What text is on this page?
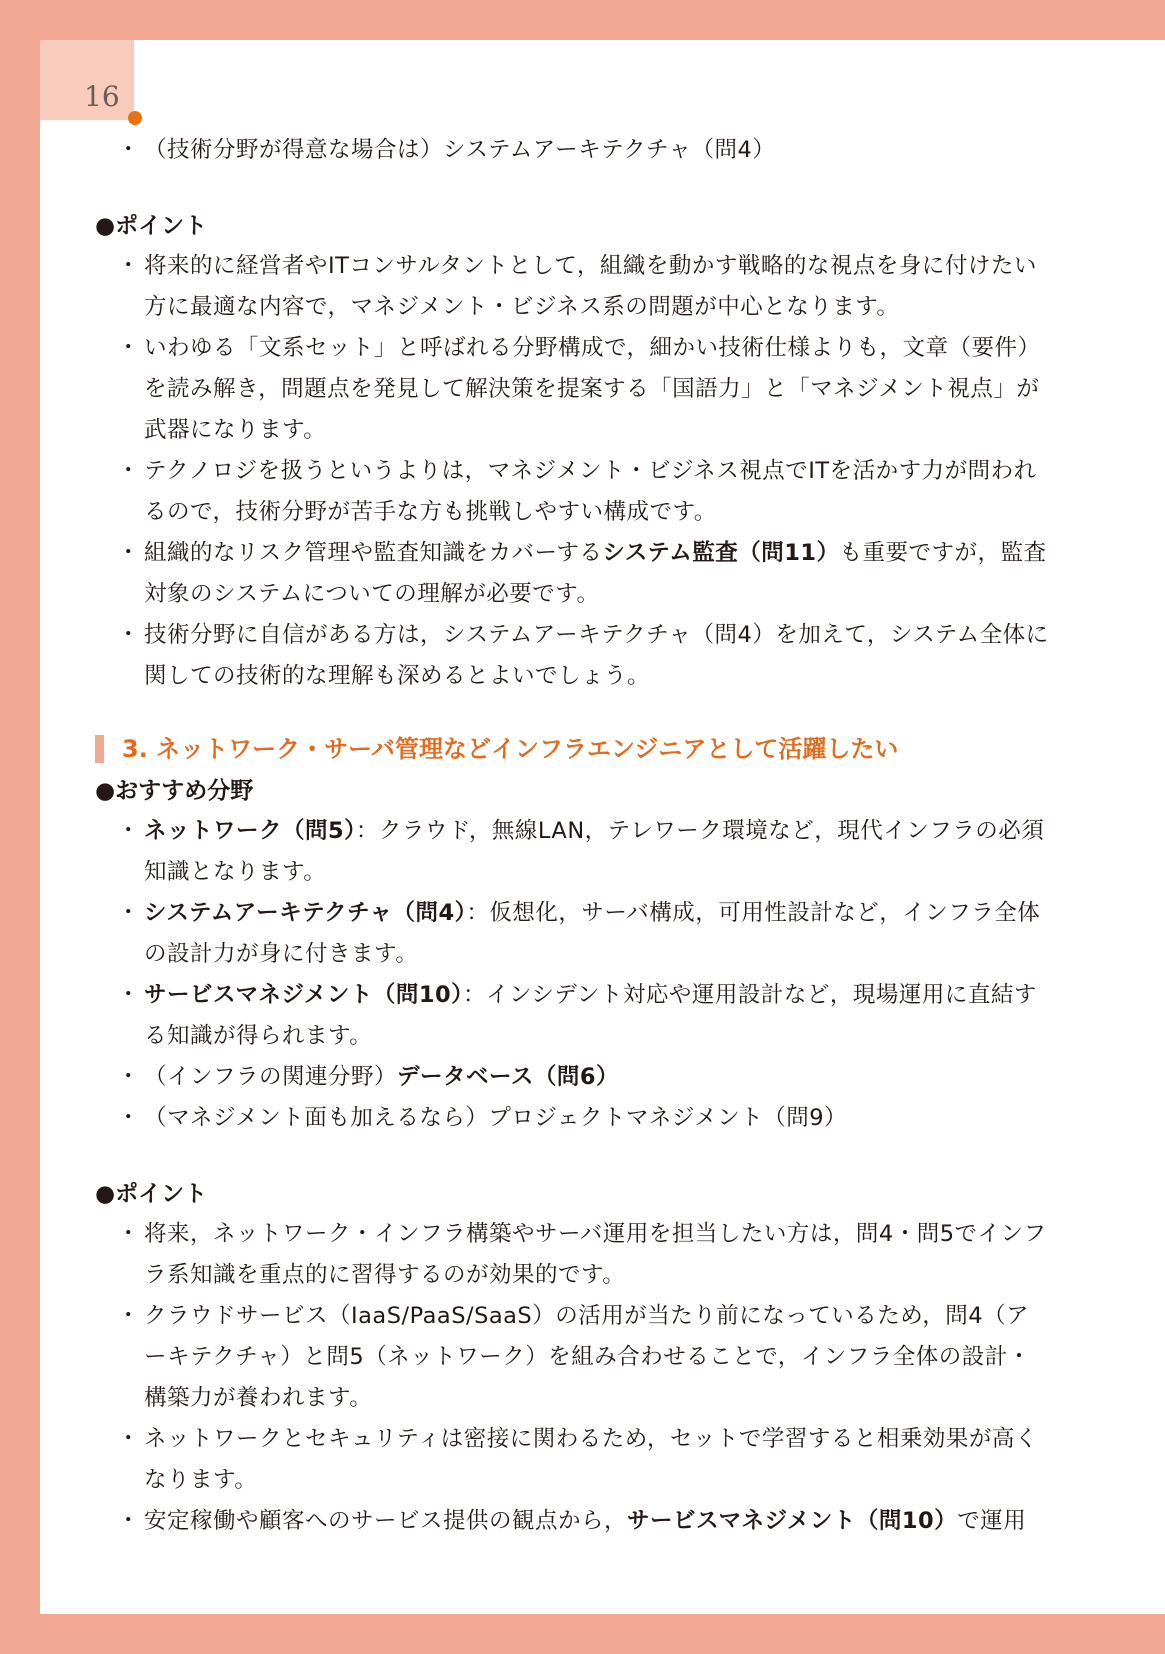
16
・ （技術分野が得意な場合は）システムアーキテクチャ（問4）
●ポイント
・ 将来的に経営者やITコンサルタントとして，組織を動かす戦略的な視点を身に付けたい方に最適な内容で，マネジメント・ビジネス系の問題が中心となります。
・ いわゆる「文系セット」と呼ばれる分野構成で，細かい技術仕様よりも，文章（要件）を読み解き，問題点を発見して解決策を提案する「国語力」と「マネジメント視点」が武器になります。
・ テクノロジを扱うというよりは，マネジメント・ビジネス視点でITを活かす力が問われるので，技術分野が苦手な方も挑戦しやすい構成です。
・ 組織的なリスク管理や監査知識をカバーするシステム監査（問11）も重要ですが，監査対象のシステムについての理解が必要です。
・ 技術分野に自信がある方は，システムアーキテクチャ（問4）を加えて，システム全体に関しての技術的な理解も深めるとよいでしょう。
3. ネットワーク・サーバ管理などインフラエンジニアとして活躍したい
●おすすめ分野
・ ネットワーク（問5）：クラウド，無線LAN，テレワーク環境など，現代インフラの必須知識となります。
・ システムアーキテクチャ（問4）：仮想化，サーバ構成，可用性設計など，インフラ全体の設計力が身に付きます。
・ サービスマネジメント（問10）：インシデント対応や運用設計など，現場運用に直結する知識が得られます。
・ （インフラの関連分野）データベース（問6）
・ （マネジメント面も加えるなら）プロジェクトマネジメント（問9）
●ポイント
・ 将来，ネットワーク・インフラ構築やサーバ運用を担当したい方は，問4・問5でインフラ系知識を重点的に習得するのが効果的です。
・ クラウドサービス（IaaS/PaaS/SaaS）の活用が当たり前になっているため，問4（アーキテクチャ）と問5（ネットワーク）を組み合わせることで，インフラ全体の設計・構築力が養われます。
・ ネットワークとセキュリティは密接に関わるため，セットで学習すると相乗効果が高くなります。
・ 安定稼働や顧客へのサービス提供の観点から，サービスマネジメント（問10）で運用
